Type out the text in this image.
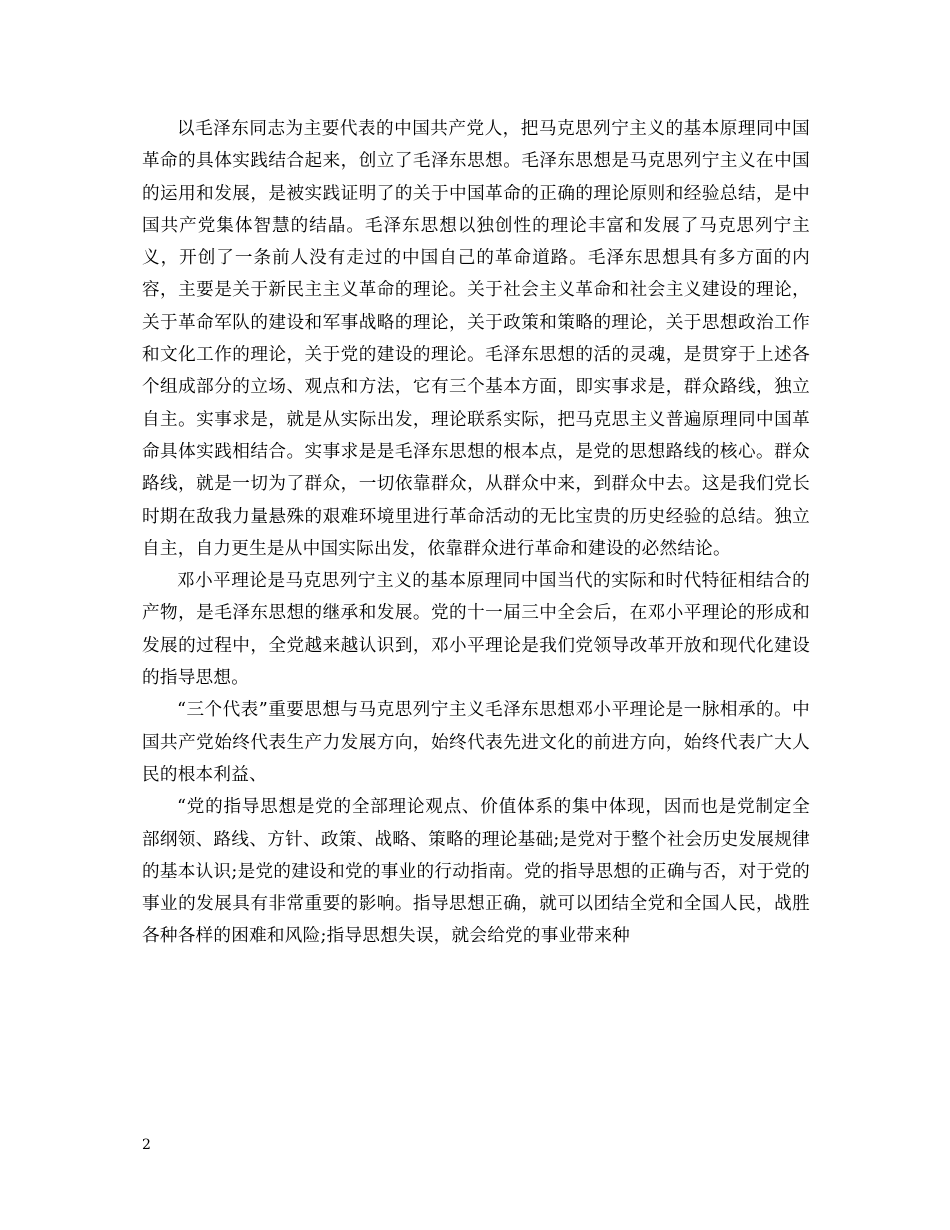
以毛泽东同志为主要代表的中国共产党人，把马克思列宁主义的基本原理同中国革命的具体实践结合起来，创立了毛泽东思想。毛泽东思想是马克思列宁主义在中国的运用和发展，是被实践证明了的关于中国革命的正确的理论原则和经验总结，是中国共产党集体智慧的结晶。毛泽东思想以独创性的理论丰富和发展了马克思列宁主义，开创了一条前人没有走过的中国自己的革命道路。毛泽东思想具有多方面的内容，主要是关于新民主主义革命的理论。关于社会主义革命和社会主义建设的理论，关于革命军队的建设和军事战略的理论，关于政策和策略的理论，关于思想政治工作和文化工作的理论，关于党的建设的理论。毛泽东思想的活的灵魂，是贯穿于上述各个组成部分的立场、观点和方法，它有三个基本方面，即实事求是，群众路线，独立自主。实事求是，就是从实际出发，理论联系实际，把马克思主义普遍原理同中国革命具体实践相结合。实事求是是毛泽东思想的根本点，是党的思想路线的核心。群众路线，就是一切为了群众，一切依靠群众，从群众中来，到群众中去。这是我们党长时期在敌我力量悬殊的艰难环境里进行革命活动的无比宝贵的历史经验的总结。独立自主，自力更生是从中国实际出发，依靠群众进行革命和建设的必然结论。

邓小平理论是马克思列宁主义的基本原理同中国当代的实际和时代特征相结合的产物，是毛泽东思想的继承和发展。党的十一届三中全会后，在邓小平理论的形成和发展的过程中，全党越来越认识到，邓小平理论是我们党领导改革开放和现代化建设的指导思想。

“三个代表”重要思想与马克思列宁主义毛泽东思想邓小平理论是一脉相承的。中国共产党始终代表生产力发展方向，始终代表先进文化的前进方向，始终代表广大人民的根本利益、

“党的指导思想是党的全部理论观点、价值体系的集中体现，因而也是党制定全部纲领、路线、方针、政策、战略、策略的理论基础;是党对于整个社会历史发展规律的基本认识;是党的建设和党的事业的行动指南。党的指导思想的正确与否，对于党的事业的发展具有非常重要的影响。指导思想正确，就可以团结全党和全国人民，战胜各种各样的困难和风险;指导思想失误，就会给党的事业带来种

2
